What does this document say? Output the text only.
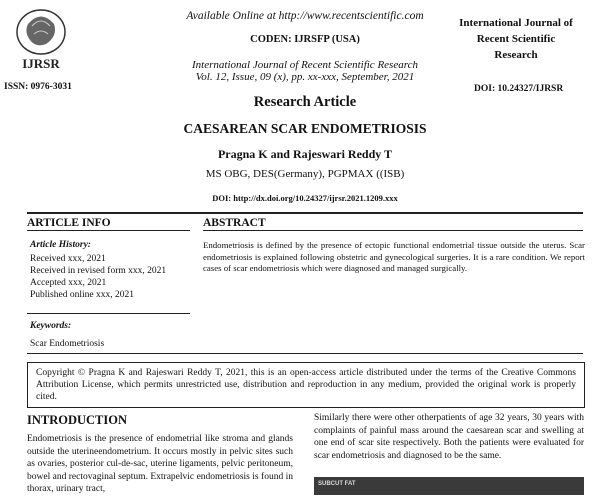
IJRSR
ISSN: 0976-3031
Available Online at http://www.recentscientific.com
CODEN: IJRSFP (USA)
International Journal of Recent Scientific Research
Vol. 12, Issue, 09 (x), pp. xx-xxx, September, 2021
International Journal of
Recent Scientific
Research
DOI: 10.24327/IJRSR
Research Article
CAESAREAN SCAR ENDOMETRIOSIS
Pragna K and Rajeswari Reddy T
MS OBG, DES(Germany), PGPMAX ((ISB)
DOI: http://dx.doi.org/10.24327/ijrsr.2021.1209.xxx
ARTICLE INFO
Article History:
Received xxx, 2021
Received in revised form xxx, 2021
Accepted xxx, 2021
Published online xxx, 2021
Keywords:
Scar Endometriosis
ABSTRACT
Endometriosis is defined by the presence of ectopic functional endometrial tissue outside the uterus. Scar endometriosis is explained following obstetric and gynecological surgeries. It is a rare condition. We report cases of scar endometriosis which were diagnosed and managed surgically.
Copyright © Pragna K and Rajeswari Reddy T, 2021, this is an open-access article distributed under the terms of the Creative Commons Attribution License, which permits unrestricted use, distribution and reproduction in any medium, provided the original work is properly cited.
INTRODUCTION
Endometriosis is the presence of endometrial like stroma and glands outside the uterineendometrium. It occurs mostly in pelvic sites such as ovaries, posterior cul-de-sac, uterine ligaments, pelvic peritoneum, bowel and rectovaginal septum. Extrapelvic endometriosis is found in thorax, urinary tract,
Similarly there were other otherpatients of age 32 years, 30 years with complaints of painful mass around the caesarean scar and swelling at one end of scar site respectively. Both the patients were evaluated for scar endometriosis and diagnosed to be the same.
SUBCUT FAT
